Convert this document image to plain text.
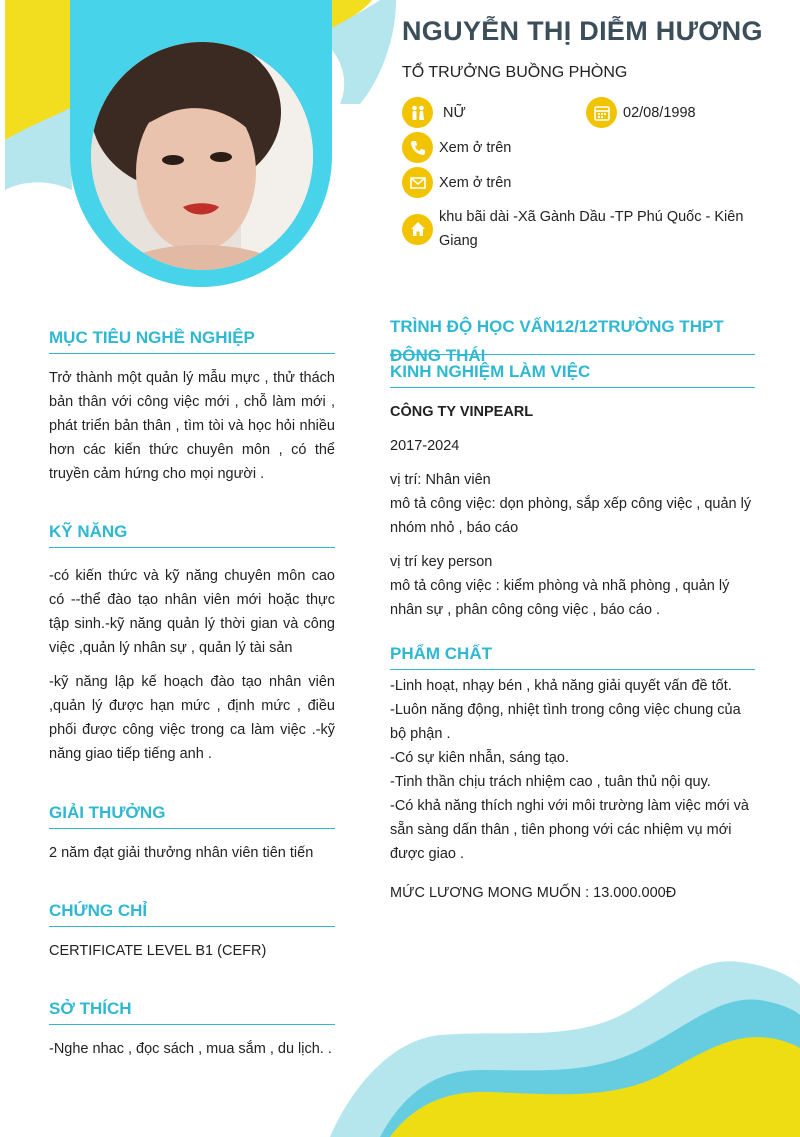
NGUYỄN THỊ DIỄM HƯƠNG

TỔ TRƯỞNG BUỒNG PHÒNG

NỮ	02/08/1998
Xem ở trên
Xem ở trên
khu bãi dài -Xã Gành Dầu -TP Phú Quốc - Kiên Giang
MỤC TIÊU NGHỀ NGHIỆP

Trở thành một quản lý mẫu mực , thử thách bản thân với công việc mới , chỗ làm mới , phát triển bản thân , tìm tòi và học hỏi nhiều hơn các kiến thức chuyên môn , có thể truyền cảm hứng cho mọi người .

KỸ NĂNG

-có kiến thức và kỹ năng chuyên môn cao có --thể đào tạo nhân viên mới hoặc thực tập sinh.-kỹ năng quản lý thời gian và công việc ,quản lý nhân sự , quản lý tài sản

-kỹ năng lập kế hoạch đào tạo nhân viên ,quản lý được hạn mức , định mức , điều phối được công việc trong ca làm việc .-kỹ năng giao tiếp tiếng anh .

GIẢI THƯỞNG

2 năm đạt giải thưởng nhân viên tiên tiến

CHỨNG CHỈ

CERTIFICATE LEVEL B1 (CEFR)

SỞ THÍCH

-Nghe nhac , đọc sách , mua sắm , du lịch. .

TRÌNH ĐỘ HỌC VẤN12/12TRƯỜNG THPT ĐÔNG THÁI
KINH NGHIỆM LÀM VIỆC

CÔNG TY VINPEARL

2017-2024

vị trí: Nhân viên

mô tả công việc: dọn phòng, sắp xếp công việc , quản lý nhóm nhỏ , báo cáo

vị trí key person

mô tả công việc : kiểm phòng và nhã phòng , quản lý nhân sự , phân công công việc , báo cáo .

PHẨM CHẤT

-Linh hoạt, nhạy bén , khả năng giải quyết vấn đề tốt.

-Luôn năng động, nhiệt tình trong công việc chung của bộ phận .

-Có sự kiên nhẫn, sáng tạo.

-Tinh thần chịu trách nhiệm cao , tuân thủ nội quy.

-Có khả năng thích nghi với môi trường làm việc mới và sẵn sàng dấn thân , tiên phong với các nhiệm vụ mới được giao .

MỨC LƯƠNG MONG MUỐN : 13.000.000Đ
